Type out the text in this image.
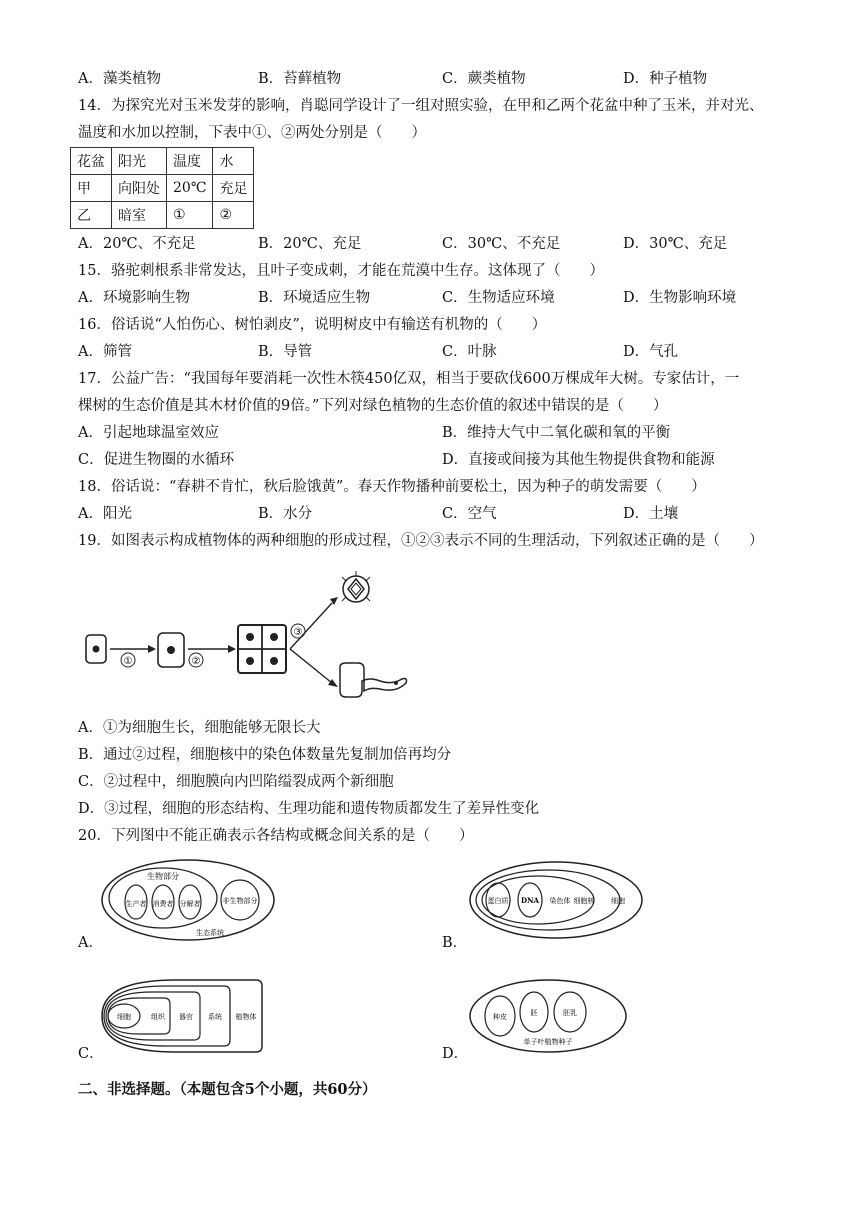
A．藻类植物	B．苔藓植物	C．蕨类植物	D．种子植物
14．为探究光对玉米发芽的影响，肖聪同学设计了一组对照实验，在甲和乙两个花盆中种了玉米，并对光、
温度和水加以控制，下表中①、②两处分别是（　　）
花盆	阳光	温度	水
甲	向阳处	20℃	充足
乙	暗室	①	②
A．20℃、不充足	B．20℃、充足	C．30℃、不充足	D．30℃、充足
15．骆驼刺根系非常发达，且叶子变成刺，才能在荒漠中生存。这体现了（　　）
A．环境影响生物	B．环境适应生物	C．生物适应环境	D．生物影响环境
16．俗话说“人怕伤心、树怕剥皮”，说明树皮中有输送有机物的（　　）
A．筛管	B．导管	C．叶脉	D．气孔
17．公益广告：“我国每年要消耗一次性木筷450亿双，相当于要砍伐600万棵成年大树。专家估计，一
棵树的生态价值是其木材价值的9倍。”下列对绿色植物的生态价值的叙述中错误的是（　　）
A．引起地球温室效应	B．维持大气中二氧化碳和氧的平衡
C．促进生物圈的水循环	D．直接或间接为其他生物提供食物和能源
18．俗话说：“春耕不肯忙，秋后脸饿黄”。春天作物播种前要松土，因为种子的萌发需要（　　）
A．阳光	B．水分	C．空气	D．土壤
19．如图表示构成植物体的两种细胞的形成过程，①②③表示不同的生理活动，下列叙述正确的是（　　）
①	②
③
A．①为细胞生长，细胞能够无限长大
B．通过②过程，细胞核中的染色体数量先复制加倍再均分
C．②过程中，细胞膜向内凹陷缢裂成两个新细胞
D．③过程，细胞的形态结构、生理功能和遗传物质都发生了差异性变化
20．下列图中不能正确表示各结构或概念间关系的是（　　）
生物部分
生产者 消费者 分解者	非生物部分
生态系统
A．
蛋白质 DNA 染色体 细胞核 细胞
B．
细胞	组织 器官 系统 植物体
C．
种皮	胚	胚乳
单子叶植物种子
D．
二、非选择题。（本题包含5个小题，共60分）
